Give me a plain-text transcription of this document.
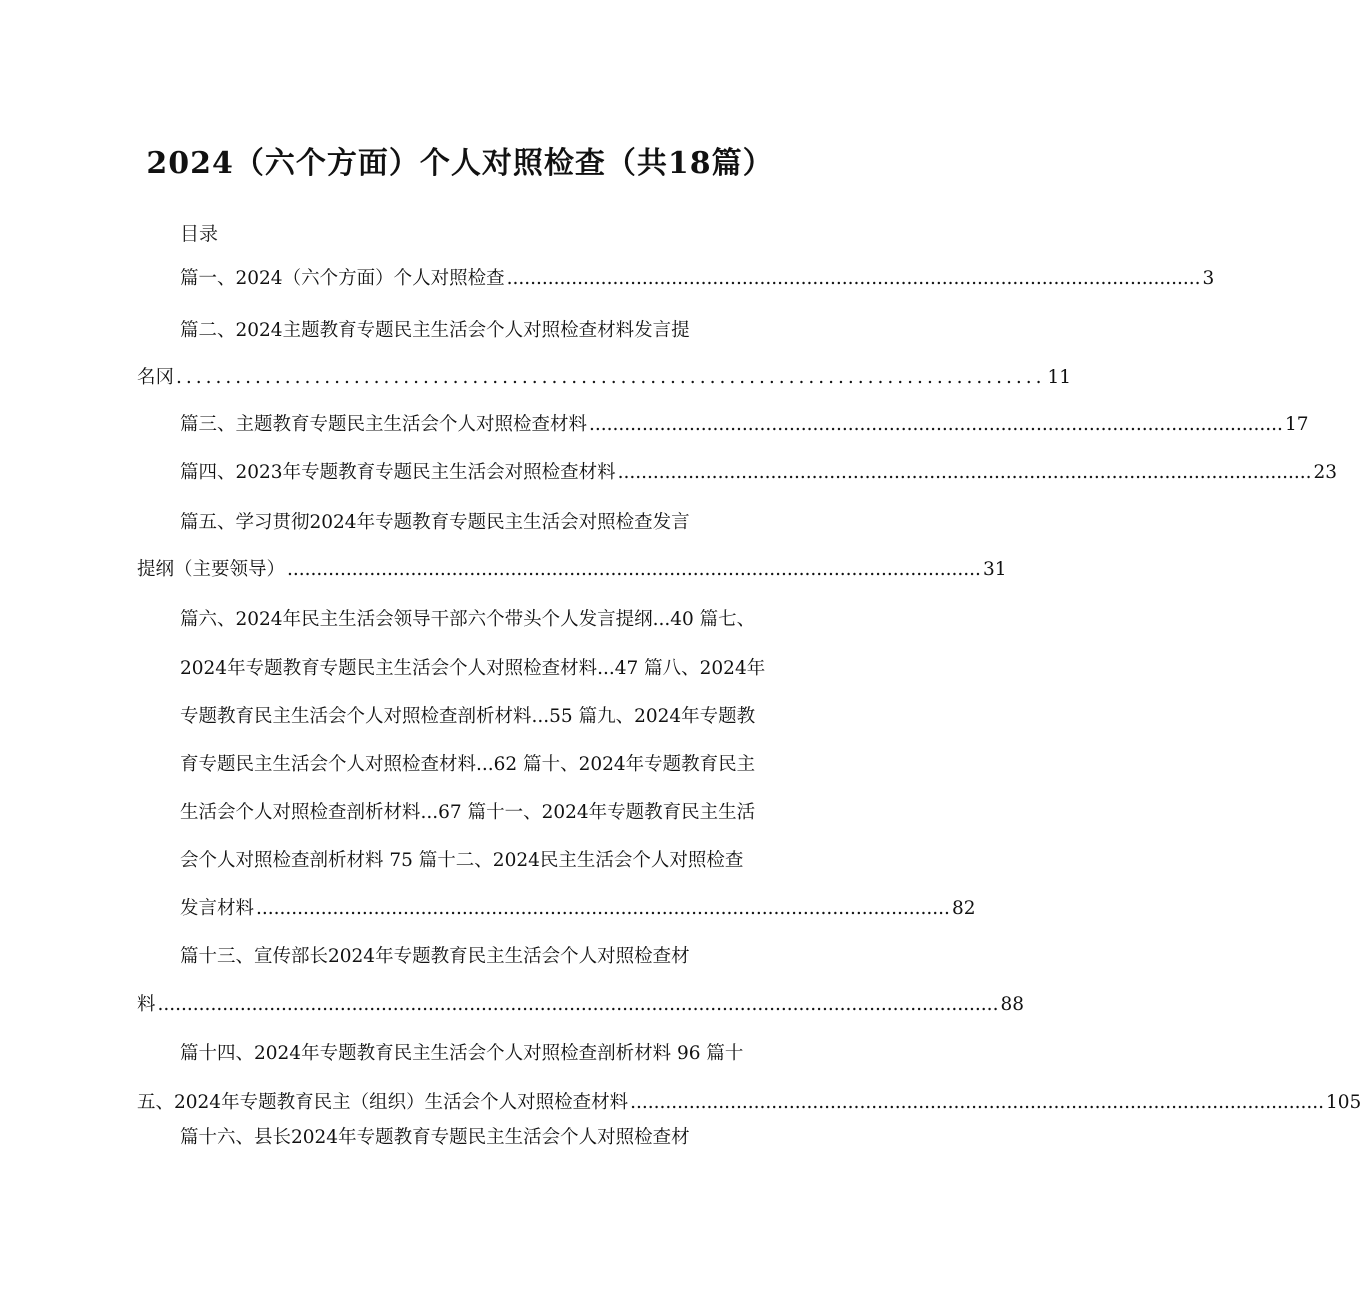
2024（六个方面）个人对照检查（共18篇）
目录
篇一、2024（六个方面）个人对照检查 ...................................................................................................................... 3
篇二、2024主题教育专题民主生活会个人对照检查材料发言提
名冈 ........................................................................................ 11
篇三、主题教育专题民主生活会个人对照检查材料 ...................................................................................................................... 17
篇四、2023年专题教育专题民主生活会对照检查材料 ...................................................................................................................... 23
篇五、学习贯彻2024年专题教育专题民主生活会对照检查发言
提纲（主要领导） ...................................................................................................................... 31
篇六、2024年民主生活会领导干部六个带头个人发言提纲...40 篇七、
2024年专题教育专题民主生活会个人对照检查材料...47 篇八、2024年
专题教育民主生活会个人对照检查剖析材料...55 篇九、2024年专题教
育专题民主生活会个人对照检查材料...62 篇十、2024年专题教育民主
生活会个人对照检查剖析材料...67 篇十一、2024年专题教育民主生活
会个人对照检查剖析材料 75 篇十二、2024民主生活会个人对照检查
发言材料 ...................................................................................................................... 82
篇十三、宣传部长2024年专题教育民主生活会个人对照检查材
料 ............................................................................................................................................... 88
篇十四、2024年专题教育民主生活会个人对照检查剖析材料 96 篇十
五、2024年专题教育民主（组织）生活会个人对照检查材料 ...................................................................................................................... 105
篇十六、县长2024年专题教育专题民主生活会个人对照检查材
